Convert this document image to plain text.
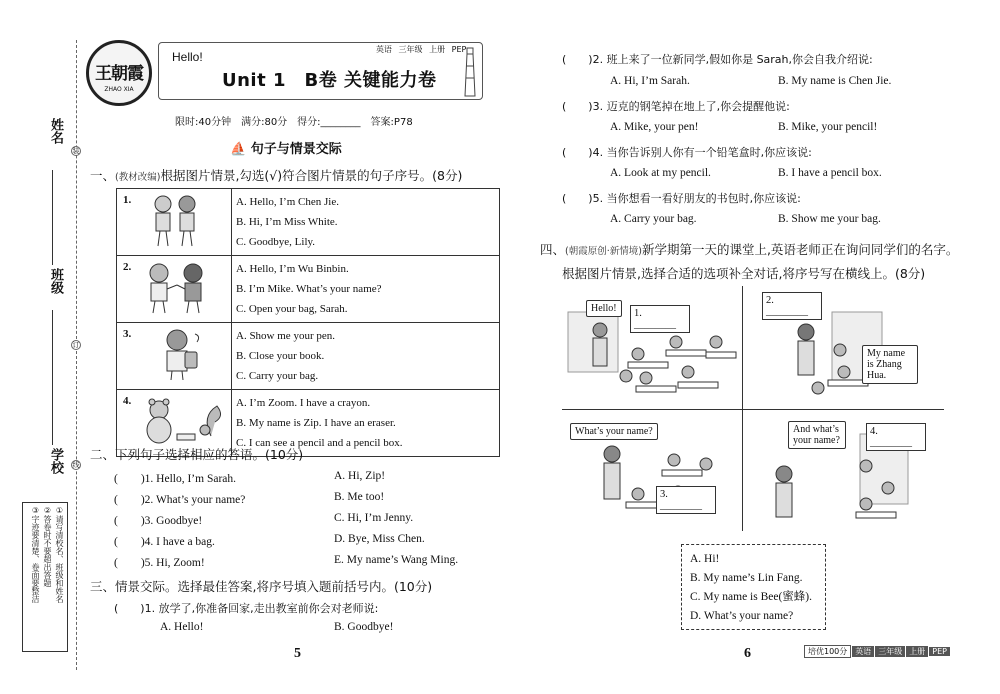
姓名
班级
学校
装
订
线
①请写清校名、班级和姓名
②答卷时不要超出答题
③字迹要清楚、卷面要整洁
王朝霞
ZHAO XIA
Hello!
英语 三年级 上册 PEP
Unit 1　B卷 关键能力卷
限时:40分钟　满分:80分　得分:________　答案:P78
⛵ 句子与情景交际
一、(教材改编)根据图片情景,勾选(√)符合图片情景的句子序号。(8分)
1.	A. Hello, I’m Chen Jie.
B. Hi, I’m Miss White.
C. Goodbye, Lily.

2.	A. Hello, I’m Wu Binbin.
B. I’m Mike. What’s your name?
C. Open your bag, Sarah.

3.	A. Show me your pen.
B. Close your book.
C. Carry your bag.

4.	A. I’m Zoom. I have a crayon.
B. My name is Zip. I have an eraser.
C. I can see a pencil and a pencil box.
二、下列句子选择相应的答语。(10分)
(　　)1. Hello, I’m Sarah.
(　　)2. What’s your name?
(　　)3. Goodbye!
(　　)4. I have a bag.
(　　)5. Hi, Zoom!
A. Hi, Zip!
B. Me too!
C. Hi, I’m Jenny.
D. Bye, Miss Chen.
E. My name’s Wang Ming.
三、情景交际。选择最佳答案,将序号填入题前括号内。(10分)
(　　)1. 放学了,你准备回家,走出教室前你会对老师说:
A. Hello!	B. Goodbye!
5
(　　)2. 班上来了一位新同学,假如你是 Sarah,你会自我介绍说:
A. Hi, I’m Sarah.	B. My name is Chen Jie.
(　　)3. 迈克的钢笔掉在地上了,你会提醒他说:
A. Mike, your pen!	B. Mike, your pencil!
(　　)4. 当你告诉别人你有一个铅笔盒时,你应该说:
A. Look at my pencil.	B. I have a pencil box.
(　　)5. 当你想看一看好朋友的书包时,你应该说:
A. Carry your bag.	B. Show me your bag.
四、(朝霞原创·新情境)新学期第一天的课堂上,英语老师正在询问同学们的名字。
根据图片情景,选择合适的选项补全对话,将序号写在横线上。(8分)
Hello!	1. ________
2. ________
My name is Zhang Hua.
What’s your name?
3. ________
And what’s your name?
4. ________
A. Hi!
B. My name’s Lin Fang.
C. My name is Bee(蜜蜂).
D. What’s your name?
6	培优100分 英语 三年级 上册 PEP
